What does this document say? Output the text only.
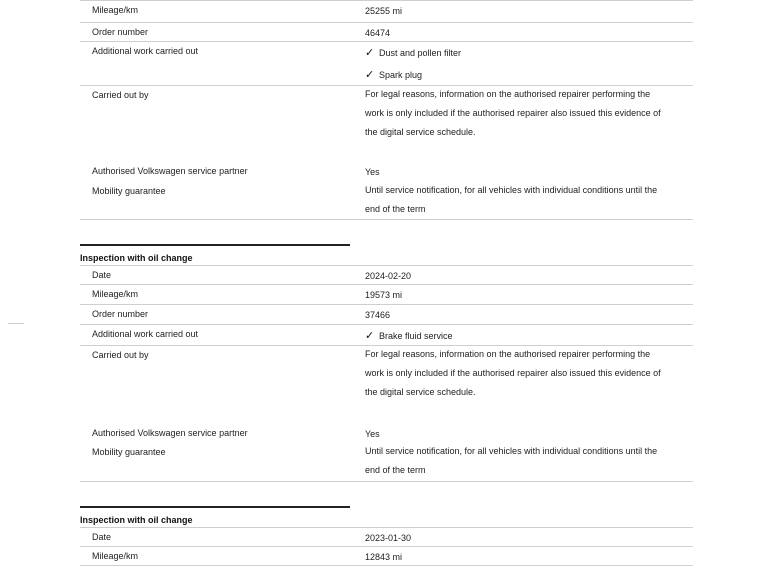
Mileage/km	25255 mi
Order number	46474
Additional work carried out	✓ Dust and pollen filter
✓ Spark plug
Carried out by	For legal reasons, information on the authorised repairer performing the
work is only included if the authorised repairer also issued this evidence of
the digital service schedule.
Authorised Volkswagen service partner	Yes
Mobility guarantee	Until service notification, for all vehicles with individual conditions until the
end of the term
Inspection with oil change
Date	2024-02-20
Mileage/km	19573 mi
Order number	37466
Additional work carried out	✓ Brake fluid service
Carried out by	For legal reasons, information on the authorised repairer performing the
work is only included if the authorised repairer also issued this evidence of
the digital service schedule.
Authorised Volkswagen service partner	Yes
Mobility guarantee	Until service notification, for all vehicles with individual conditions until the
end of the term
Inspection with oil change
Date	2023-01-30
Mileage/km	12843 mi
